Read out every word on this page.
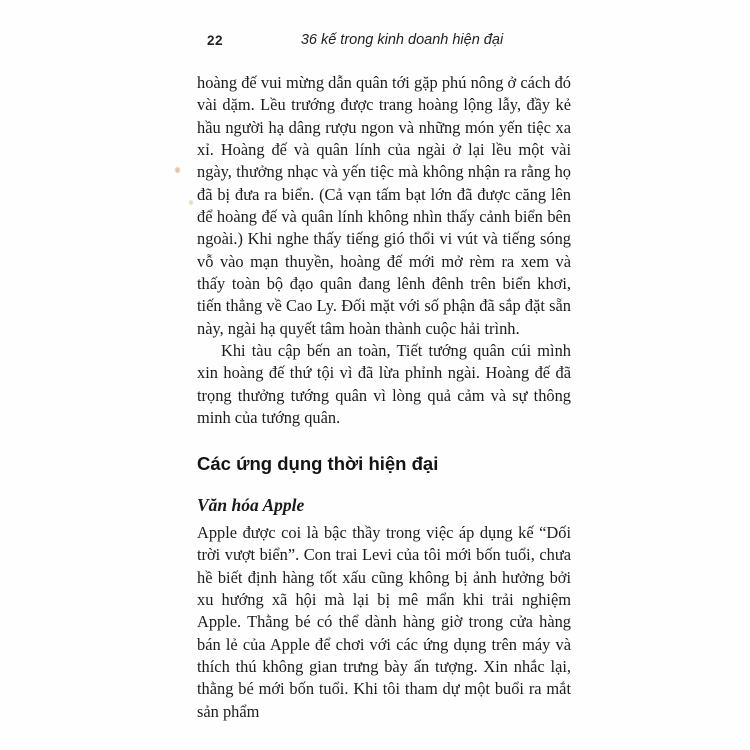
22	36 kế trong kinh doanh hiện đại

hoàng đế vui mừng dẫn quân tới gặp phú nông ở cách đó vài dặm. Lều trướng được trang hoàng lộng lẫy, đầy kẻ hầu người hạ dâng rượu ngon và những món yến tiệc xa xỉ. Hoàng đế và quân lính của ngài ở lại lều một vài ngày, thưởng nhạc và yến tiệc mà không nhận ra rằng họ đã bị đưa ra biển. (Cả vạn tấm bạt lớn đã được căng lên để hoàng đế và quân lính không nhìn thấy cảnh biển bên ngoài.) Khi nghe thấy tiếng gió thổi vi vút và tiếng sóng vỗ vào mạn thuyền, hoàng đế mới mở rèm ra xem và thấy toàn bộ đạo quân đang lênh đênh trên biển khơi, tiến thẳng về Cao Ly. Đối mặt với số phận đã sắp đặt sẵn này, ngài hạ quyết tâm hoàn thành cuộc hải trình.

Khi tàu cập bến an toàn, Tiết tướng quân cúi mình xin hoàng đế thứ tội vì đã lừa phỉnh ngài. Hoàng đế đã trọng thưởng tướng quân vì lòng quả cảm và sự thông minh của tướng quân.

Các ứng dụng thời hiện đại
Văn hóa Apple

Apple được coi là bậc thầy trong việc áp dụng kế “Dối trời vượt biển”. Con trai Levi của tôi mới bốn tuổi, chưa hề biết định hàng tốt xấu cũng không bị ảnh hưởng bởi xu hướng xã hội mà lại bị mê mẩn khi trải nghiệm Apple. Thằng bé có thể dành hàng giờ trong cửa hàng bán lẻ của Apple để chơi với các ứng dụng trên máy và thích thú không gian trưng bày ấn tượng. Xin nhắc lại, thằng bé mới bốn tuổi. Khi tôi tham dự một buổi ra mắt sản phẩm
